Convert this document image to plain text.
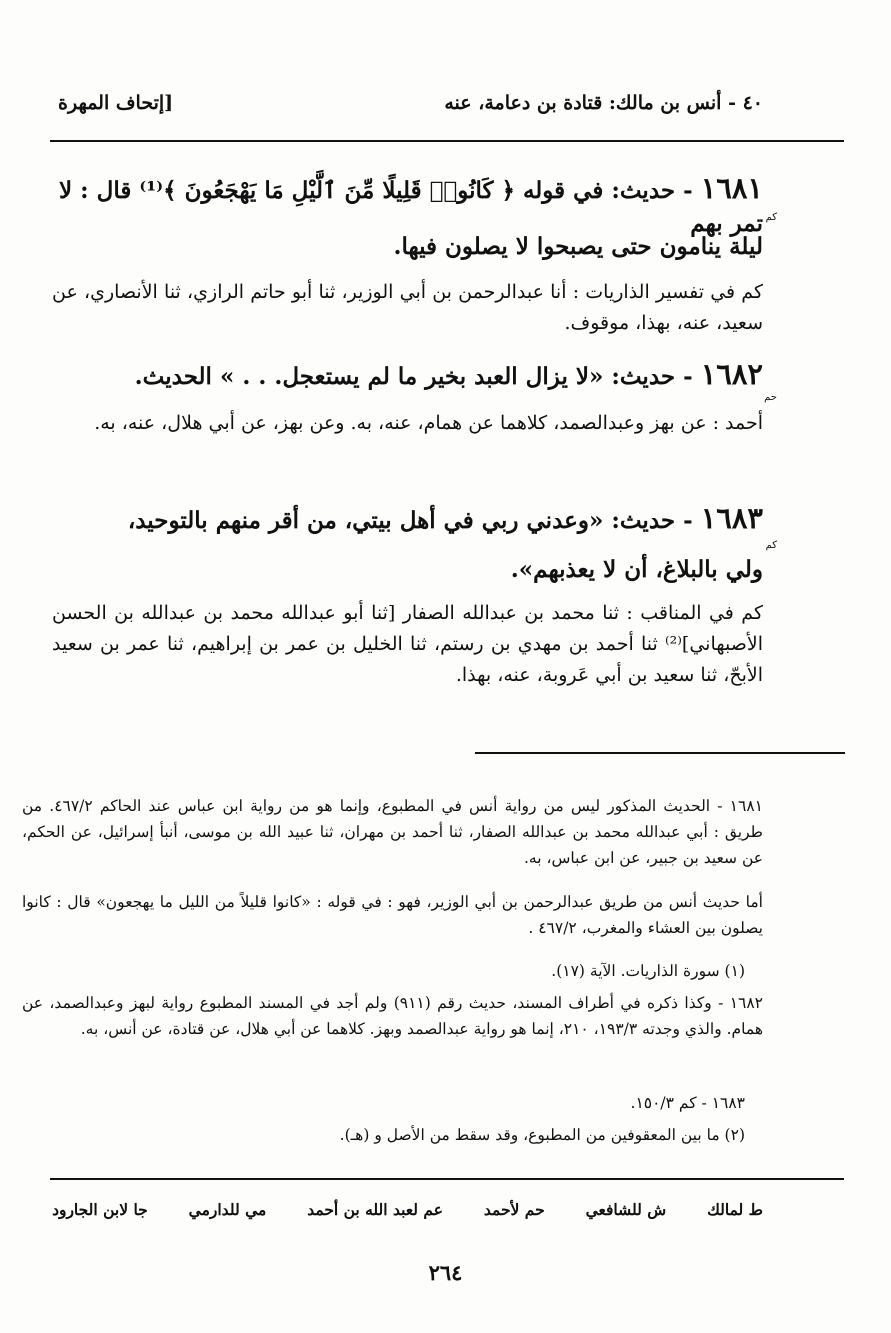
٤٠ - أنس بن مالك: قتادة بن دعامة، عنه
[إتحاف المهرة

١٦٨١ - حديث: في قوله ﴿ كَانُوا۟ قَلِيلًا مِّنَ ٱلَّيْلِ مَا يَهْجَعُونَ ﴾⁽¹⁾ قال : لا تمر بهم كم

ليلة ينامون حتى يصبحوا لا يصلون فيها.

كم في تفسير الذاريات : أنا عبدالرحمن بن أبي الوزير، ثنا أبو حاتم الرازي، ثنا الأنصاري، عن سعيد، عنه، بهذا، موقوف.

١٦٨٢ - حديث: «لا يزال العبد بخير ما لم يستعجل. . . » الحديث.

حم

أحمد : عن بهز وعبدالصمد، كلاهما عن همام، عنه، به. وعن بهز، عن أبي هلال، عنه، به.

١٦٨٣ - حديث: «وعدني ربي في أهل بيتي، من أقر منهم بالتوحيد،

كم

ولي بالبلاغ، أن لا يعذبهم».

كم في المناقب : ثنا محمد بن عبدالله الصفار [ثنا أبو عبدالله محمد بن عبدالله بن الحسن الأصبهاني]⁽²⁾ ثنا أحمد بن مهدي بن رستم، ثنا الخليل بن عمر بن إبراهيم، ثنا عمر بن سعيد الأبحّ، ثنا سعيد بن أبي عَروبة، عنه، بهذا.

١٦٨١ - الحديث المذكور ليس من رواية أنس في المطبوع، وإنما هو من رواية ابن عباس عند الحاكم ٤٦٧/٢. من طريق : أبي عبدالله محمد بن عبدالله الصفار، ثنا أحمد بن مهران، ثنا عبيد الله بن موسى، أنبأ إسرائيل، عن الحكم، عن سعيد بن جبير، عن ابن عباس، به.

أما حديث أنس من طريق عبدالرحمن بن أبي الوزير، فهو : في قوله : «كانوا قليلاً من الليل ما يهجعون» قال : كانوا يصلون بين العشاء والمغرب، ٤٦٧/٢ .

(١) سورة الذاريات. الآية (١٧).

١٦٨٢ - وكذا ذكره في أطراف المسند، حديث رقم (٩١١) ولم أجد في المسند المطبوع رواية لبهز وعبدالصمد، عن همام. والذي وجدته ١٩٣/٣، ٢١٠، إنما هو رواية عبدالصمد وبهز. كلاهما عن أبي هلال، عن قتادة، عن أنس، به.

١٦٨٣ - كم ١٥٠/٣.

(٢) ما بين المعقوفين من المطبوع، وقد سقط من الأصل و (هـ).

ط لمالك
ش للشافعي
حم لأحمد
عم لعبد الله بن أحمد
مي للدارمي
جا لابن الجارود
٢٦٤
